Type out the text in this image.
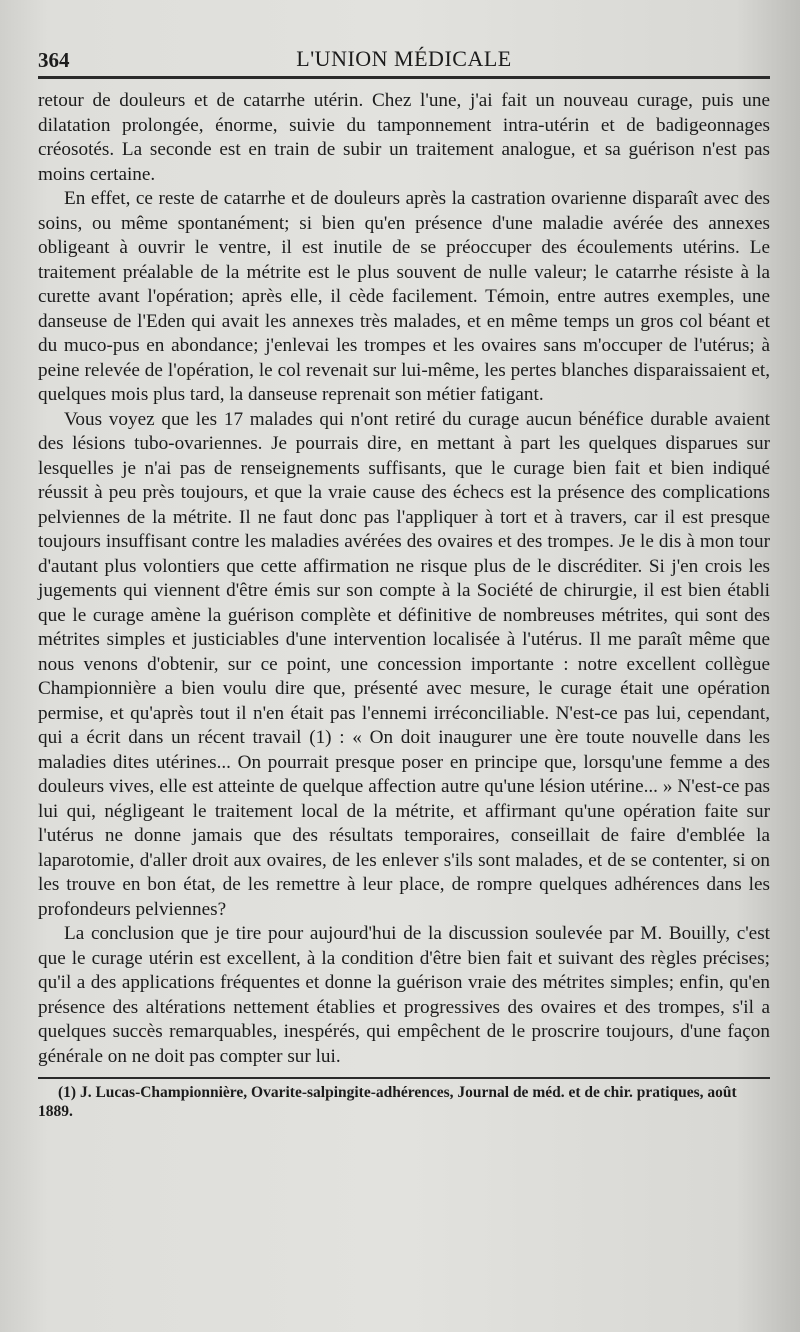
364	L'UNION MÉDICALE

retour de douleurs et de catarrhe utérin. Chez l'une, j'ai fait un nouveau curage, puis une dilatation prolongée, énorme, suivie du tamponnement intra-utérin et de badigeonnages créosotés. La seconde est en train de subir un traitement analogue, et sa guérison n'est pas moins certaine.

En effet, ce reste de catarrhe et de douleurs après la castration ovarienne disparaît avec des soins, ou même spontanément; si bien qu'en présence d'une maladie avérée des annexes obligeant à ouvrir le ventre, il est inutile de se préoccuper des écoulements utérins. Le traitement préalable de la métrite est le plus souvent de nulle valeur; le catarrhe résiste à la curette avant l'opération; après elle, il cède facilement. Témoin, entre autres exemples, une danseuse de l'Eden qui avait les annexes très malades, et en même temps un gros col béant et du muco-pus en abondance; j'enlevai les trompes et les ovaires sans m'occuper de l'utérus; à peine relevée de l'opération, le col revenait sur lui-même, les pertes blanches disparaissaient et, quelques mois plus tard, la danseuse reprenait son métier fatigant.

Vous voyez que les 17 malades qui n'ont retiré du curage aucun bénéfice durable avaient des lésions tubo-ovariennes. Je pourrais dire, en mettant à part les quelques disparues sur lesquelles je n'ai pas de renseignements suffisants, que le curage bien fait et bien indiqué réussit à peu près toujours, et que la vraie cause des échecs est la présence des complications pelviennes de la métrite. Il ne faut donc pas l'appliquer à tort et à travers, car il est presque toujours insuffisant contre les maladies avérées des ovaires et des trompes. Je le dis à mon tour d'autant plus volontiers que cette affirmation ne risque plus de le discréditer. Si j'en crois les jugements qui viennent d'être émis sur son compte à la Société de chirurgie, il est bien établi que le curage amène la guérison complète et définitive de nombreuses métrites, qui sont des métrites simples et justiciables d'une intervention localisée à l'utérus. Il me paraît même que nous venons d'obtenir, sur ce point, une concession importante : notre excellent collègue Championnière a bien voulu dire que, présenté avec mesure, le curage était une opération permise, et qu'après tout il n'en était pas l'ennemi irréconciliable. N'est-ce pas lui, cependant, qui a écrit dans un récent travail (1) : « On doit inaugurer une ère toute nouvelle dans les maladies dites utérines... On pourrait presque poser en principe que, lorsqu'une femme a des douleurs vives, elle est atteinte de quelque affection autre qu'une lésion utérine... » N'est-ce pas lui qui, négligeant le traitement local de la métrite, et affirmant qu'une opération faite sur l'utérus ne donne jamais que des résultats temporaires, conseillait de faire d'emblée la laparotomie, d'aller droit aux ovaires, de les enlever s'ils sont malades, et de se contenter, si on les trouve en bon état, de les remettre à leur place, de rompre quelques adhérences dans les profondeurs pelviennes?

La conclusion que je tire pour aujourd'hui de la discussion soulevée par M. Bouilly, c'est que le curage utérin est excellent, à la condition d'être bien fait et suivant des règles précises; qu'il a des applications fréquentes et donne la guérison vraie des métrites simples; enfin, qu'en présence des altérations nettement établies et progressives des ovaires et des trompes, s'il a quelques succès remarquables, inespérés, qui empêchent de le proscrire toujours, d'une façon générale on ne doit pas compter sur lui.

(1) J. Lucas-Championnière, Ovarite-salpingite-adhérences, Journal de méd. et de chir. pratiques, août 1889.
